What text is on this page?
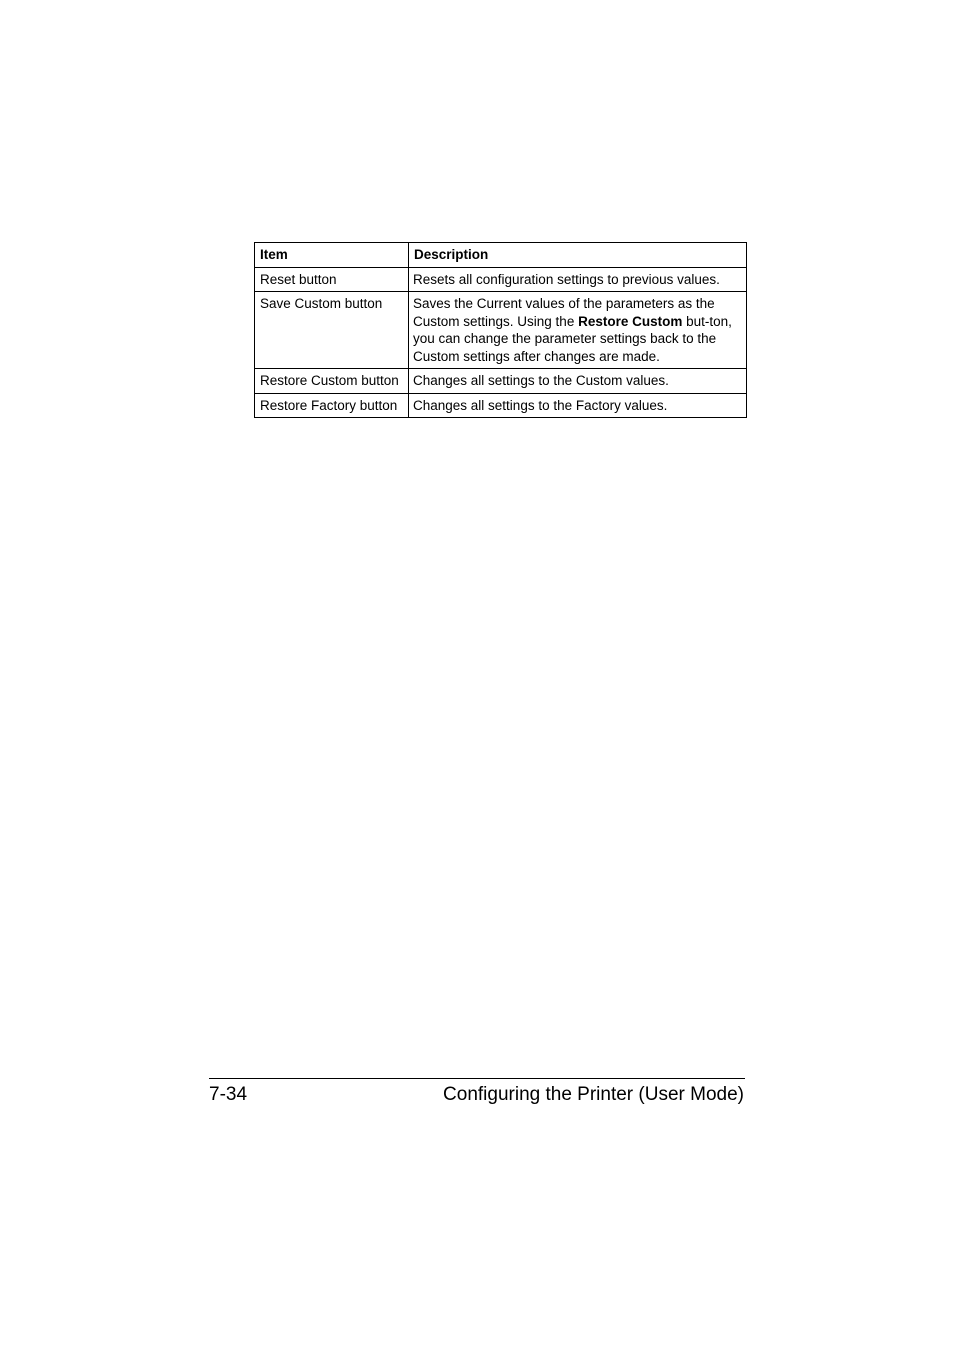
Item	Description
Reset button	Resets all configuration settings to previous values.
Save Custom button	Saves the Current values of the parameters as the Custom settings. Using the Restore Custom but-ton, you can change the parameter settings back to the Custom settings after changes are made.
Restore Custom button	Changes all settings to the Custom values.
Restore Factory button	Changes all settings to the Factory values.
7-34	Configuring the Printer (User Mode)
